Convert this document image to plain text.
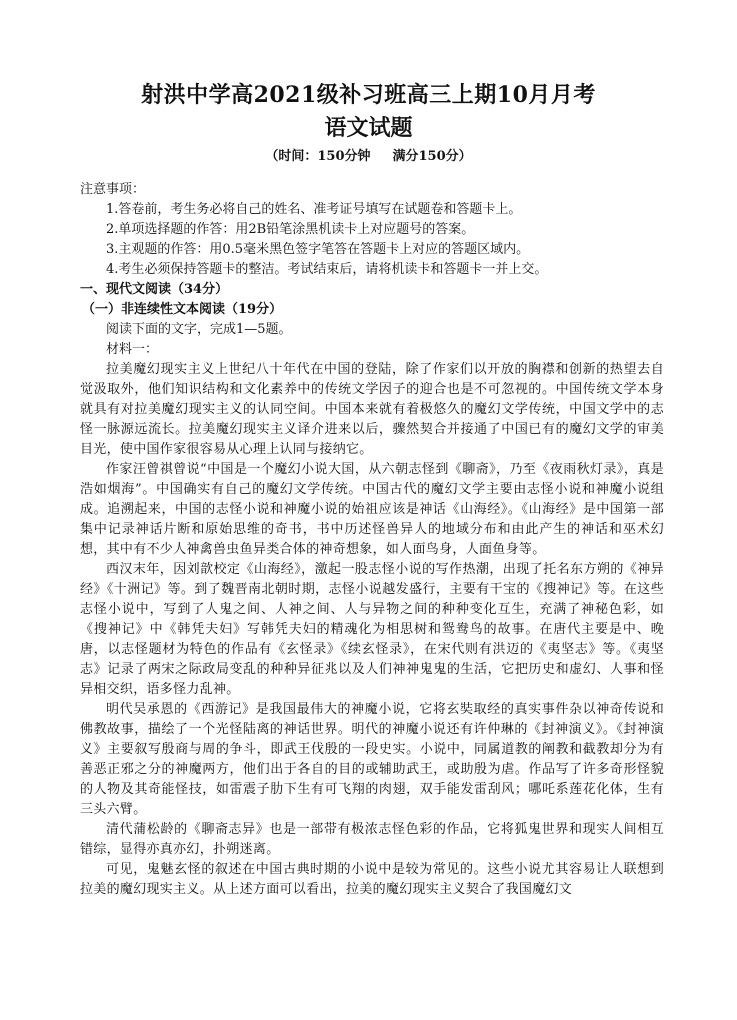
射洪中学高2021级补习班高三上期10月月考
语文试题
（时间：150分钟 满分150分）

注意事项：

1.答卷前，考生务必将自己的姓名、准考证号填写在试题卷和答题卡上。
2.单项选择题的作答：用2B铅笔涂黑机读卡上对应题号的答案。
3.主观题的作答：用0.5毫米黑色签字笔答在答题卡上对应的答题区域内。
4.考生必须保持答题卡的整洁。考试结束后，请将机读卡和答题卡一并上交。

一、现代文阅读（34分）

（一）非连续性文本阅读（19分）

阅读下面的文字，完成1—5题。

材料一：

拉美魔幻现实主义上世纪八十年代在中国的登陆，除了作家们以开放的胸襟和创新的热望去自觉汲取外，他们知识结构和文化素养中的传统文学因子的迎合也是不可忽视的。中国传统文学本身就具有对拉美魔幻现实主义的认同空间。中国本来就有着极悠久的魔幻文学传统，中国文学中的志怪一脉源远流长。拉美魔幻现实主义译介进来以后，骤然契合并接通了中国已有的魔幻文学的审美目光，使中国作家很容易从心理上认同与接纳它。

作家汪曾祺曾说“中国是一个魔幻小说大国，从六朝志怪到《聊斋》，乃至《夜雨秋灯录》，真是浩如烟海”。中国确实有自己的魔幻文学传统。中国古代的魔幻文学主要由志怪小说和神魔小说组成。追溯起来，中国的志怪小说和神魔小说的始祖应该是神话《山海经》。《山海经》是中国第一部集中记录神话片断和原始思维的奇书，书中历述怪兽异人的地域分布和由此产生的神话和巫术幻想，其中有不少人神禽兽虫鱼异类合体的神奇想象，如人面鸟身，人面鱼身等。

西汉末年，因刘歆校定《山海经》，激起一股志怪小说的写作热潮，出现了托名东方朔的《神异经》《十洲记》等。到了魏晋南北朝时期，志怪小说越发盛行，主要有干宝的《搜神记》等。在这些志怪小说中，写到了人鬼之间、人神之间、人与异物之间的种种变化互生，充满了神秘色彩，如《搜神记》中《韩凭夫妇》写韩凭夫妇的精魂化为相思树和鸳鸯鸟的故事。在唐代主要是中、晚唐，以志怪题材为特色的作品有《玄怪录》《续玄怪录》，在宋代则有洪迈的《夷坚志》等。《夷坚志》记录了两宋之际政局变乱的种种异征兆以及人们神神鬼鬼的生活，它把历史和虚幻、人事和怪异相交织，语多怪力乱神。

明代吴承恩的《西游记》是我国最伟大的神魔小说，它将玄奘取经的真实事件杂以神奇传说和佛教故事，描绘了一个光怪陆离的神话世界。明代的神魔小说还有许仲琳的《封神演义》。《封神演义》主要叙写殷商与周的争斗，即武王伐殷的一段史实。小说中，同属道教的阐教和截教却分为有善恶正邪之分的神魔两方，他们出于各自的目的或辅助武王，或助殷为虐。作品写了许多奇形怪貌的人物及其奇能怪技，如雷震子肋下生有可飞翔的肉翅，双手能发雷刮风；哪吒系莲花化体，生有三头六臂。

清代蒲松龄的《聊斋志异》也是一部带有极浓志怪色彩的作品，它将狐鬼世界和现实人间相互错综，显得亦真亦幻，扑朔迷离。

可见，鬼魅玄怪的叙述在中国古典时期的小说中是较为常见的。这些小说尤其容易让人联想到拉美的魔幻现实主义。从上述方面可以看出，拉美的魔幻现实主义契合了我国魔幻文
